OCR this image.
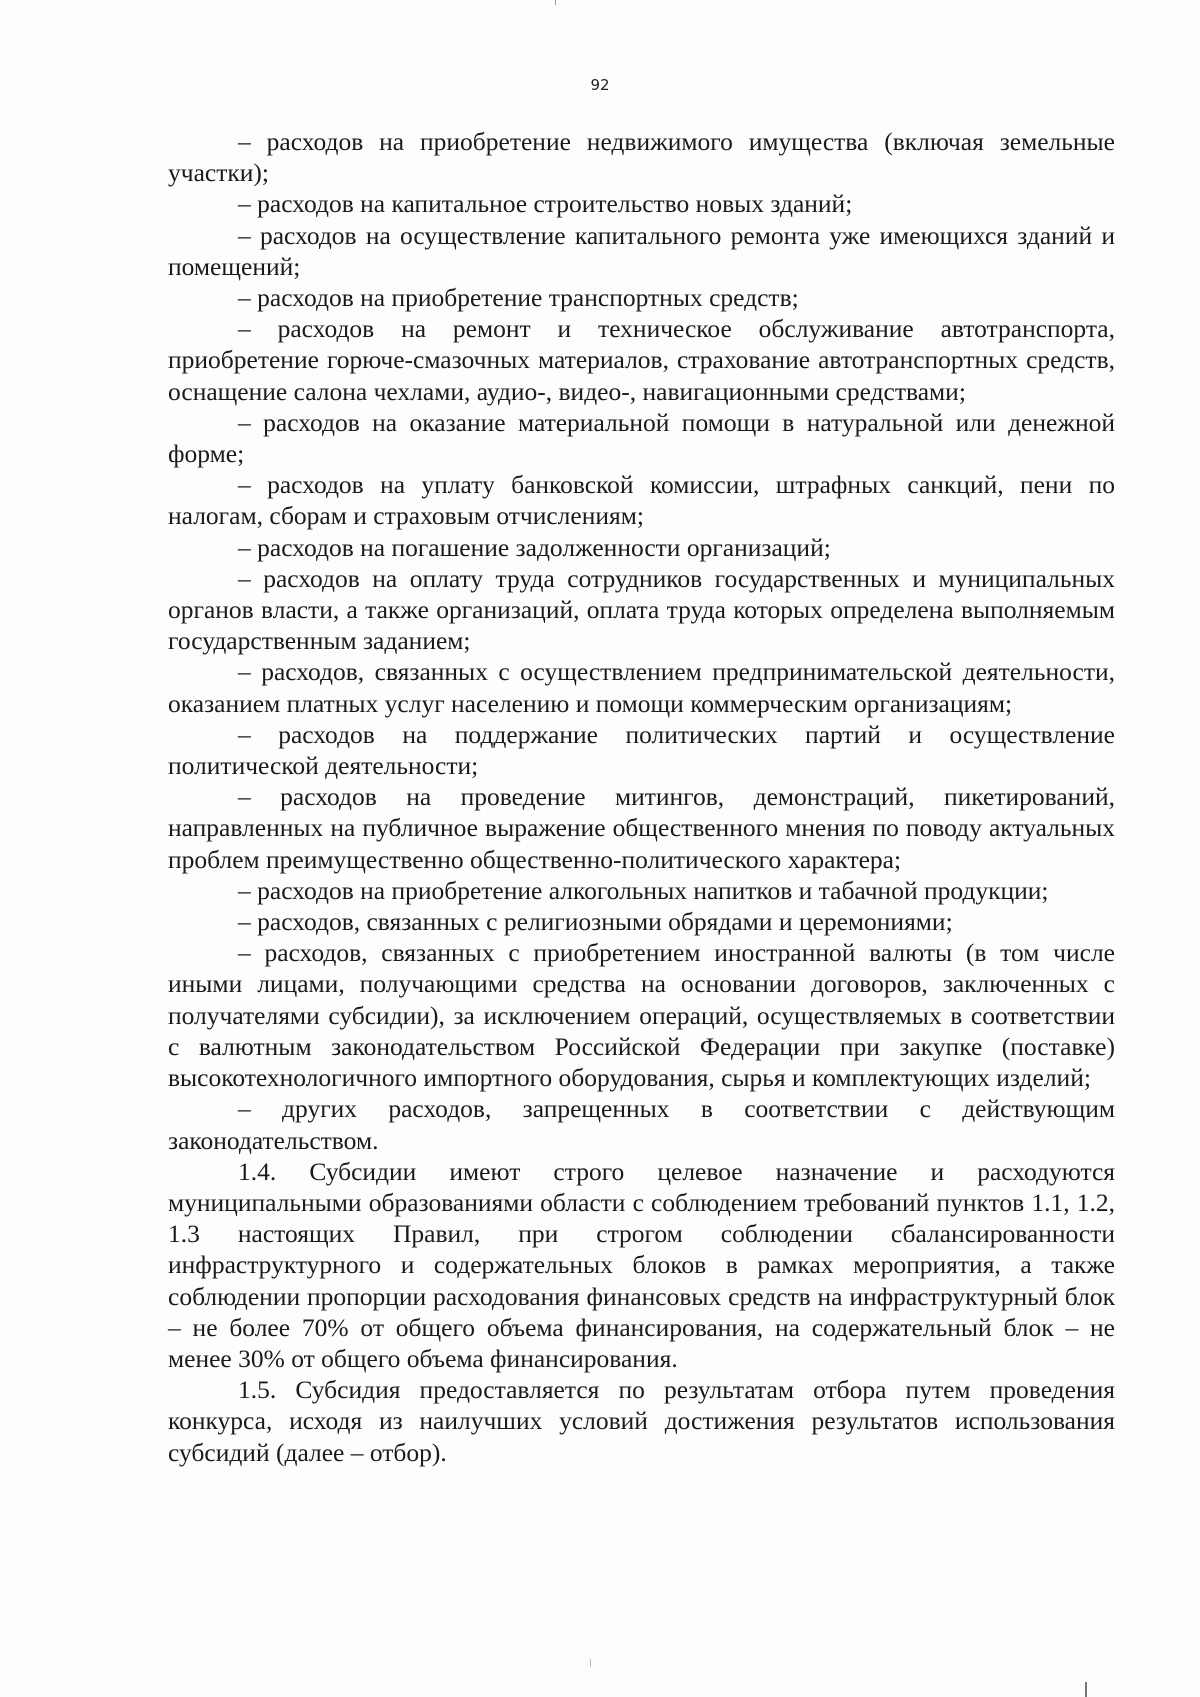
92

– расходов на приобретение недвижимого имущества (включая земельные участки);

– расходов на капитальное строительство новых зданий;

– расходов на осуществление капитального ремонта уже имеющихся зданий и помещений;

– расходов на приобретение транспортных средств;

– расходов на ремонт и техническое обслуживание автотранспорта, приобретение горюче-смазочных материалов, страхование автотранспортных средств, оснащение салона чехлами, аудио-, видео-, навигационными средствами;

– расходов на оказание материальной помощи в натуральной или денежной форме;

– расходов на уплату банковской комиссии, штрафных санкций, пени по налогам, сборам и страховым отчислениям;

– расходов на погашение задолженности организаций;

– расходов на оплату труда сотрудников государственных и муниципальных органов власти, а также организаций, оплата труда которых определена выполняемым государственным заданием;

– расходов, связанных с осуществлением предпринимательской деятельности, оказанием платных услуг населению и помощи коммерческим организациям;

– расходов на поддержание политических партий и осуществление политической деятельности;

– расходов на проведение митингов, демонстраций, пикетирований, направленных на публичное выражение общественного мнения по поводу актуальных проблем преимущественно общественно-политического характера;

– расходов на приобретение алкогольных напитков и табачной продукции;

– расходов, связанных с религиозными обрядами и церемониями;

– расходов, связанных с приобретением иностранной валюты (в том числе иными лицами, получающими средства на основании договоров, заключенных с получателями субсидии), за исключением операций, осуществляемых в соответствии с валютным законодательством Российской Федерации при закупке (поставке) высокотехнологичного импортного оборудования, сырья и комплектующих изделий;

– других расходов, запрещенных в соответствии с действующим законодательством.

1.4. Субсидии имеют строго целевое назначение и расходуются муниципальными образованиями области с соблюдением требований пунктов 1.1, 1.2, 1.3 настоящих Правил, при строгом соблюдении сбалансированности инфраструктурного и содержательных блоков в рамках мероприятия, а также соблюдении пропорции расходования финансовых средств на инфраструктурный блок – не более 70% от общего объема финансирования, на содержательный блок – не менее 30% от общего объема финансирования.

1.5. Субсидия предоставляется по результатам отбора путем проведения конкурса, исходя из наилучших условий достижения результатов использования субсидий (далее – отбор).
